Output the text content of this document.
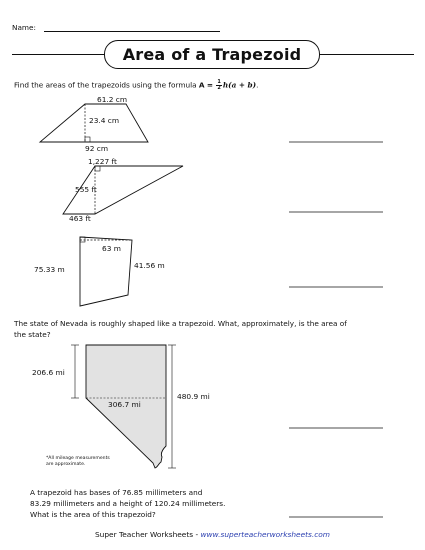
Name:
Area of a Trapezoid
Find the areas of the trapezoids using the formula $A = \frac{1}{2} h(a + b)$.
61.2 cm
23.4 cm
92 cm
1,227 ft
555 ft
463 ft
63 m
75.33 m	41.56 m
The state of Nevada is roughly shaped like a trapezoid. What, approximately, is the area of
the state?
206.6 mi
306.7 mi
480.9 mi
*All mileage measurements
are approximate.
A trapezoid has bases of 76.85 millimeters and
83.29 millimeters and a height of 120.24 millimeters.
What is the area of this trapezoid?
Super Teacher Worksheets - www.superteacherworksheets.com
